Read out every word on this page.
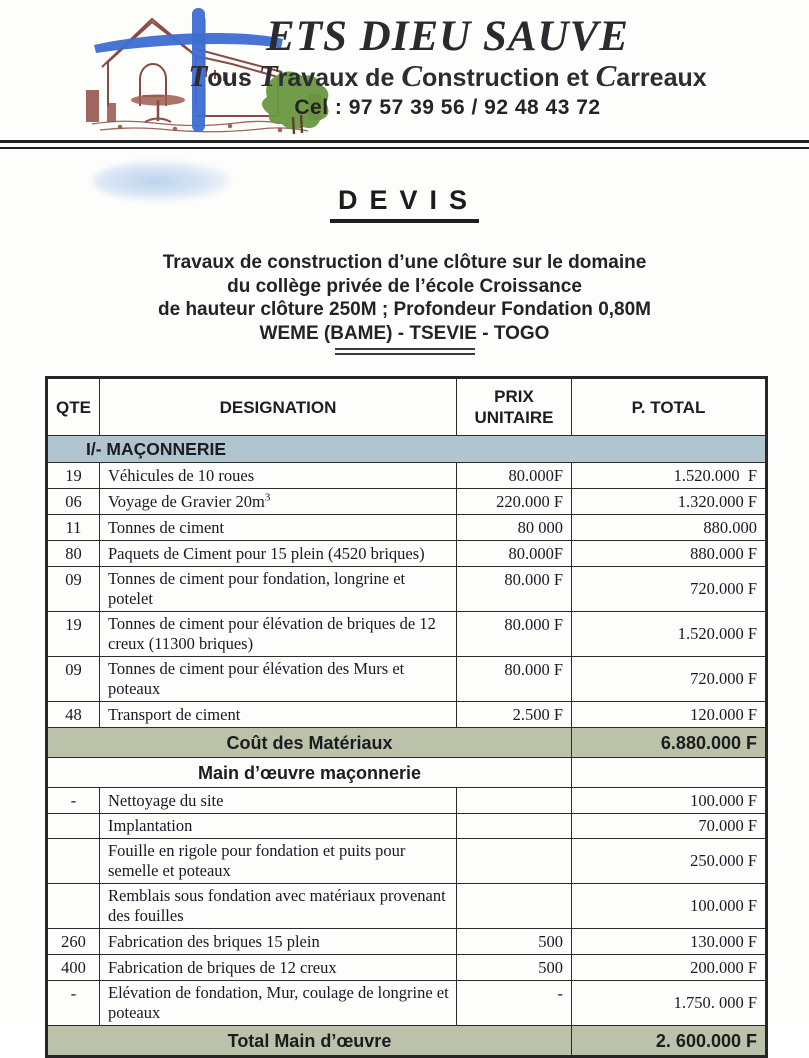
ETS DIEU SAUVE
Tous Travaux de Construction et Carreaux
Cel : 97 57 39 56 / 92 48 43 72
DEVIS
Travaux de construction d’une clôture sur le domaine
du collège privée de l’école Croissance
de hauteur clôture 250M ; Profondeur Fondation 0,80M
WEME (BAME) - TSEVIE - TOGO
QTE	DESIGNATION	PRIX UNITAIRE	P. TOTAL
I/- MAÇONNERIE			
19	Véhicules de 10 roues	80.000F	1.520.000  F
06	Voyage de Gravier $20m^3$	220.000 F	1.320.000 F
11	Tonnes de ciment	80 000	880.000
80	Paquets de Ciment pour 15 plein (4520 briques)	80.000F	880.000 F
09	Tonnes de ciment pour fondation, longrine et potelet	80.000 F	720.000 F
19	Tonnes de ciment pour élévation de briques de 12 creux (11300 briques)	80.000 F	1.520.000 F
09	Tonnes de ciment pour élévation des Murs et poteaux	80.000 F	720.000 F
48	Transport de ciment	2.500 F	120.000 F
Coût des Matériaux			6.880.000 F
Main d’œuvre maçonnerie			
-	Nettoyage du site		100.000 F
	Implantation		70.000 F
	Fouille en rigole pour fondation et puits pour semelle et poteaux		250.000 F
	Remblais sous fondation avec matériaux provenant des fouilles		100.000 F
260	Fabrication des briques 15 plein	500	130.000 F
400	Fabrication de briques de 12 creux	500	200.000 F
-	Elévation de fondation, Mur, coulage de longrine et poteaux	-	1.750. 000 F
Total Main d’œuvre			2. 600.000 F
